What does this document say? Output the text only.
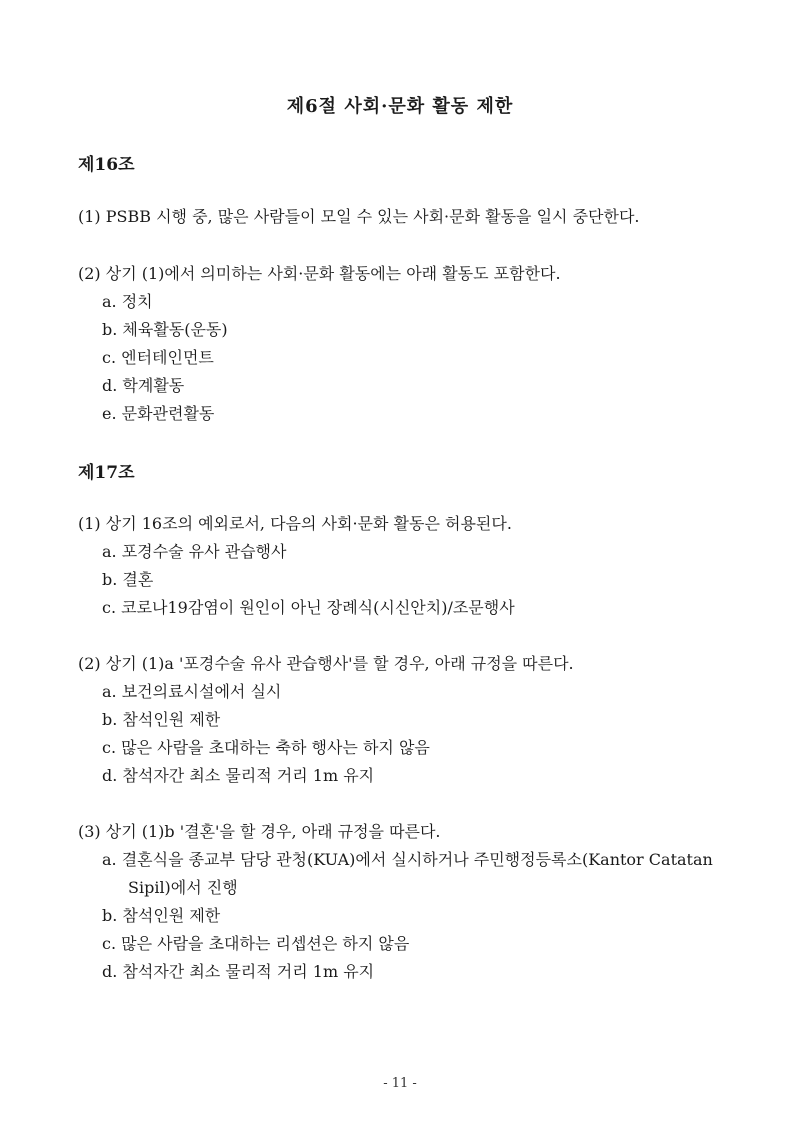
제6절 사회·문화 활동 제한
제16조
(1) PSBB 시행 중, 많은 사람들이 모일 수 있는 사회·문화 활동을 일시 중단한다.
(2) 상기 (1)에서 의미하는 사회·문화 활동에는 아래 활동도 포함한다.
a. 정치
b. 체육활동(운동)
c. 엔터테인먼트
d. 학계활동
e. 문화관련활동
제17조
(1) 상기 16조의 예외로서, 다음의 사회·문화 활동은 허용된다.
a. 포경수술 유사 관습행사
b. 결혼
c. 코로나19감염이 원인이 아닌 장례식(시신안치)/조문행사
(2) 상기 (1)a '포경수술 유사 관습행사'를 할 경우, 아래 규정을 따른다.
a. 보건의료시설에서 실시
b. 참석인원 제한
c. 많은 사람을 초대하는 축하 행사는 하지 않음
d. 참석자간 최소 물리적 거리 1m 유지
(3) 상기 (1)b '결혼'을 할 경우, 아래 규정을 따른다.
a. 결혼식을 종교부 담당 관청(KUA)에서 실시하거나 주민행정등록소(Kantor Catatan Sipil)에서 진행
b. 참석인원 제한
c. 많은 사람을 초대하는 리셉션은 하지 않음
d. 참석자간 최소 물리적 거리 1m 유지
- 11 -
